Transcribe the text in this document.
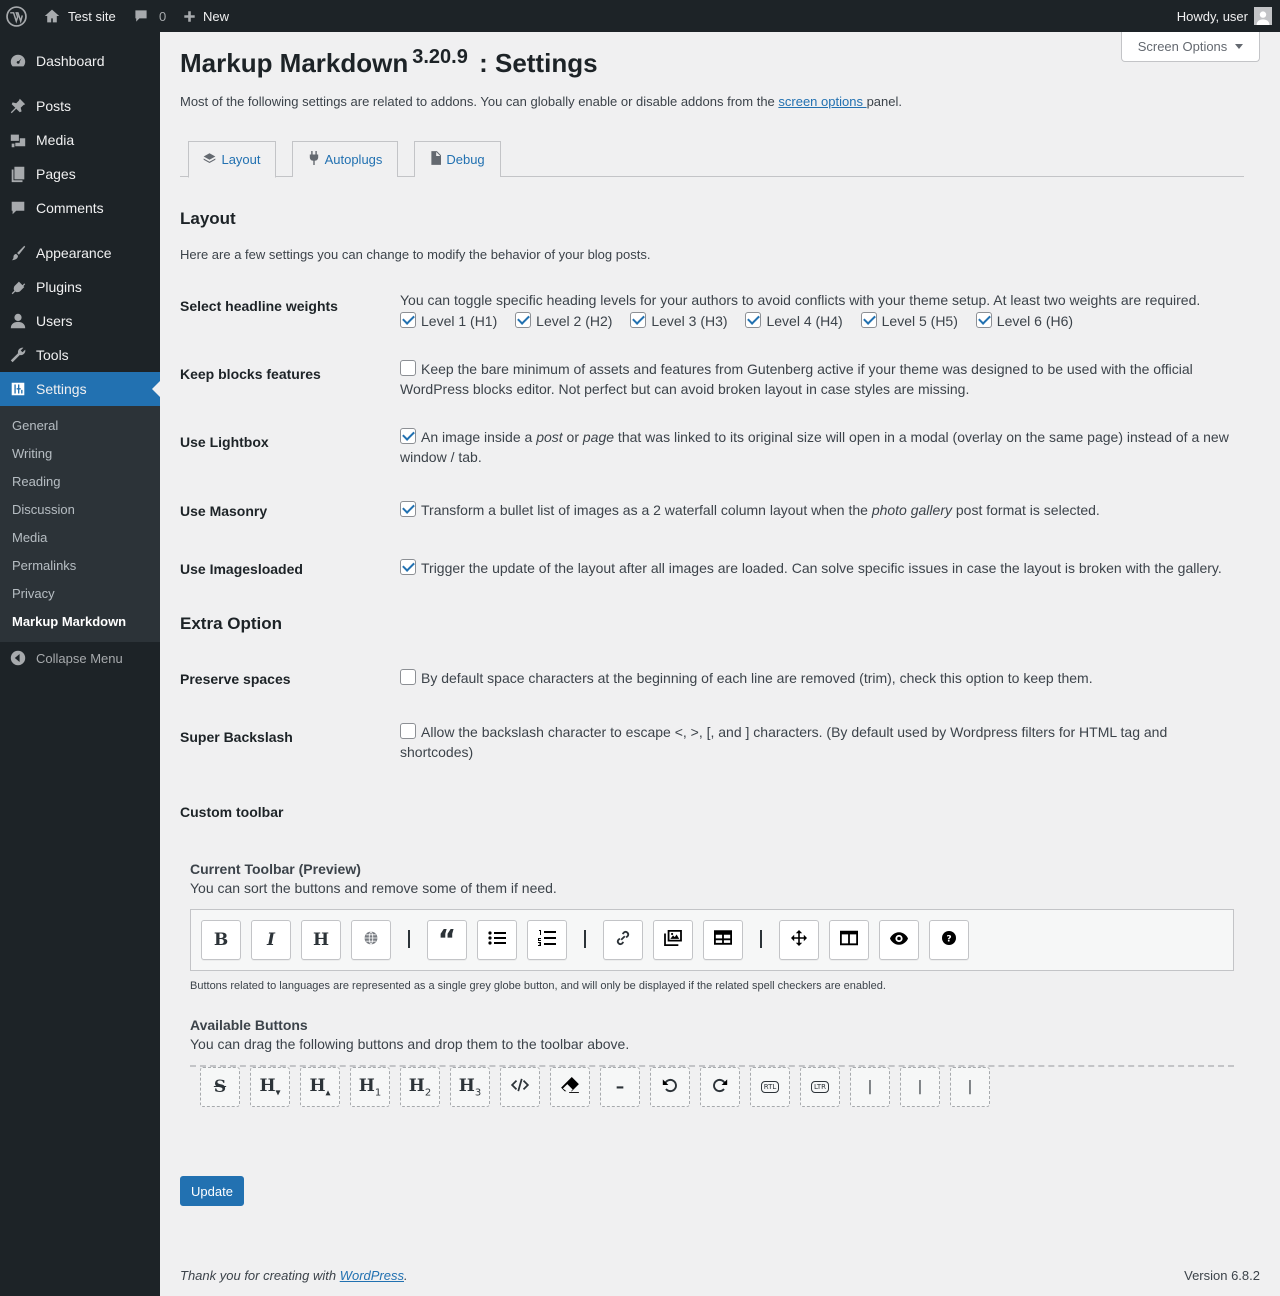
Test site	0	New	Howdy, user
Dashboard
Posts
Media
Pages
Comments
Appearance
Plugins
Users
Tools
Settings
General
Writing
Reading
Discussion
Media
Permalinks
Privacy
Markup Markdown
Collapse Menu
Screen Options
Markup Markdown $^{3.20.9}$ : Settings

Most of the following settings are related to addons. You can globally enable or disable addons from the screen options panel.

Layout	Autoplugs	Debug
Layout

Here are a few settings you can change to modify the behavior of your blog posts.

Select headline weights	You can toggle specific heading levels for your authors to avoid conflicts with your theme setup. At least two weights are required.
Level 1 (H1)	Level 2 (H2)	Level 3 (H3)	Level 4 (H4)	Level 5 (H5)	Level 6 (H6)
Keep blocks features	Keep the bare minimum of assets and features from Gutenberg active if your theme was designed to be used with the official WordPress blocks editor. Not perfect but can avoid broken layout in case styles are missing.
Use Lightbox	An image inside a post or page that was linked to its original size will open in a modal (overlay on the same page) instead of a new window / tab.
Use Masonry	Transform a bullet list of images as a 2 waterfall column layout when the photo gallery post format is selected.
Use Imagesloaded	Trigger the update of the layout after all images are loaded. Can solve specific issues in case the layout is broken with the gallery.
Extra Option
Preserve spaces	By default space characters at the beginning of each line are removed (trim), check this option to keep them.
Super Backslash	Allow the backslash character to escape <, >, [, and ] characters. (By default used by Wordpress filters for HTML tag and shortcodes)
Custom toolbar
Current Toolbar (Preview)
You can sort the buttons and remove some of them if need.
B I H	“	?

Buttons related to languages are represented as a single grey globe button, and will only be displayed if the related spell checkers are enabled.

Available Buttons
You can drag the following buttons and drop them to the toolbar above.
S $H_▾$ $H_▴$ $H_1$ $H_2$ $H_3$	–	RTL	LTR	|	|	|
Update

Thank you for creating with WordPress.	Version 6.8.2
